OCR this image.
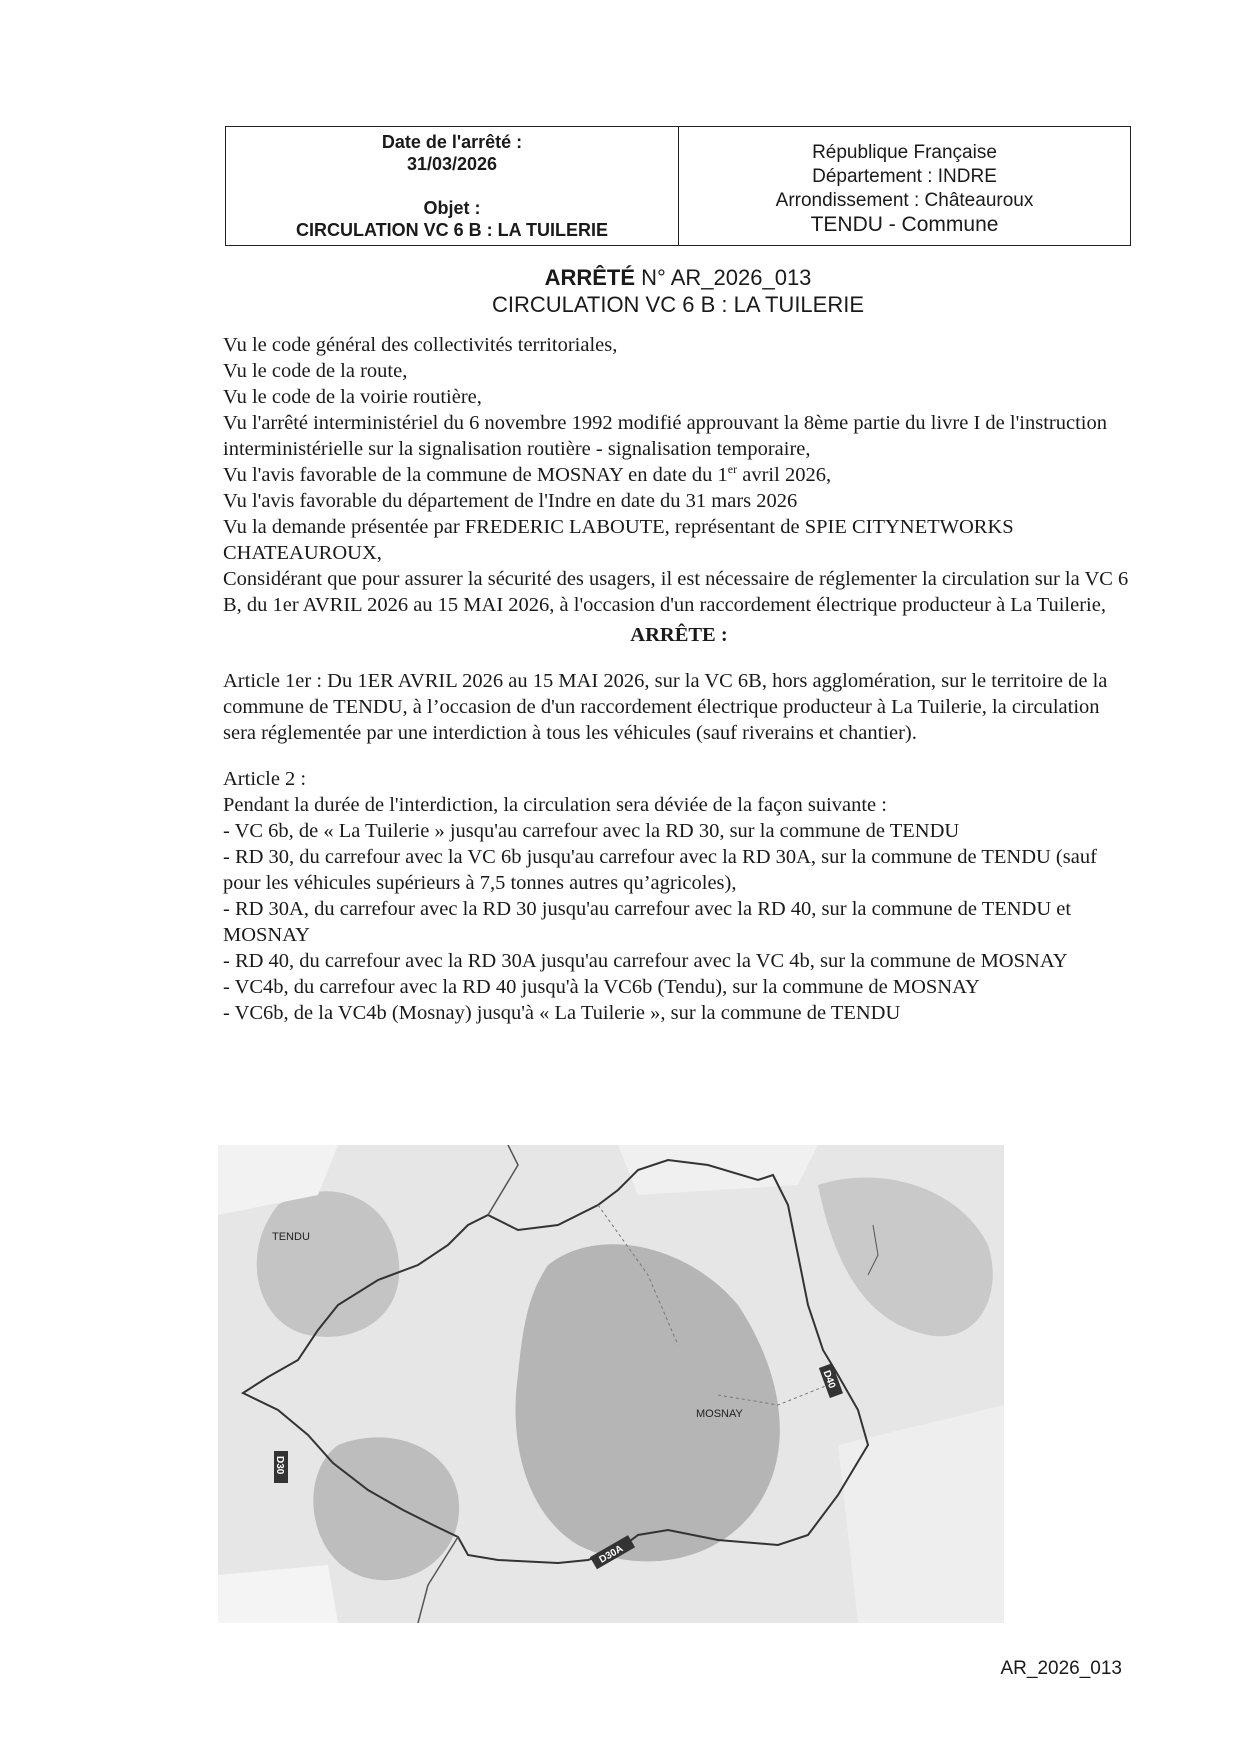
Date de l'arrêté :
31/03/2026
Objet :
CIRCULATION VC 6 B : LA TUILERIE
République Française
Département : INDRE
Arrondissement : Châteauroux
TENDU - Commune
ARRÊTÉ N° AR_2026_013
CIRCULATION VC 6 B : LA TUILERIE

Vu le code général des collectivités territoriales,

Vu le code de la route,

Vu le code de la voirie routière,

Vu l'arrêté interministériel du 6 novembre 1992 modifié approuvant la 8ème partie du livre I de l'instruction interministérielle sur la signalisation routière - signalisation temporaire,

Vu l'avis favorable de la commune de MOSNAY en date du 1er avril 2026,

Vu l'avis favorable du département de l'Indre en date du 31 mars 2026

Vu la demande présentée par FREDERIC LABOUTE, représentant de SPIE CITYNETWORKS CHATEAUROUX,

Considérant que pour assurer la sécurité des usagers, il est nécessaire de réglementer la circulation sur la VC 6 B, du 1er AVRIL 2026 au 15 MAI 2026, à l'occasion d'un raccordement électrique producteur à La Tuilerie,

ARRÊTE :

Article 1er : Du 1ER AVRIL 2026 au 15 MAI 2026, sur la VC 6B, hors agglomération, sur le territoire de la commune de TENDU, à l’occasion de d'un raccordement électrique producteur à La Tuilerie, la circulation sera réglementée par une interdiction à tous les véhicules (sauf riverains et chantier).

Article 2 :

Pendant la durée de l'interdiction, la circulation sera déviée de la façon suivante :

- VC 6b, de « La Tuilerie » jusqu'au carrefour avec la RD 30, sur la commune de TENDU

- RD 30, du carrefour avec la VC 6b jusqu'au carrefour avec la RD 30A, sur la commune de TENDU (sauf pour les véhicules supérieurs à 7,5 tonnes autres qu’agricoles),

- RD 30A, du carrefour avec la RD 30 jusqu'au carrefour avec la RD 40, sur la commune de TENDU et MOSNAY

- RD 40, du carrefour avec la RD 30A jusqu'au carrefour avec la VC 4b, sur la commune de MOSNAY

- VC4b, du carrefour avec la RD 40 jusqu'à la VC6b (Tendu), sur la commune de MOSNAY

- VC6b, de la VC4b (Mosnay) jusqu'à « La Tuilerie », sur la commune de TENDU

TENDU
MOSNAY
D30
D30A
D40
AR_2026_013
